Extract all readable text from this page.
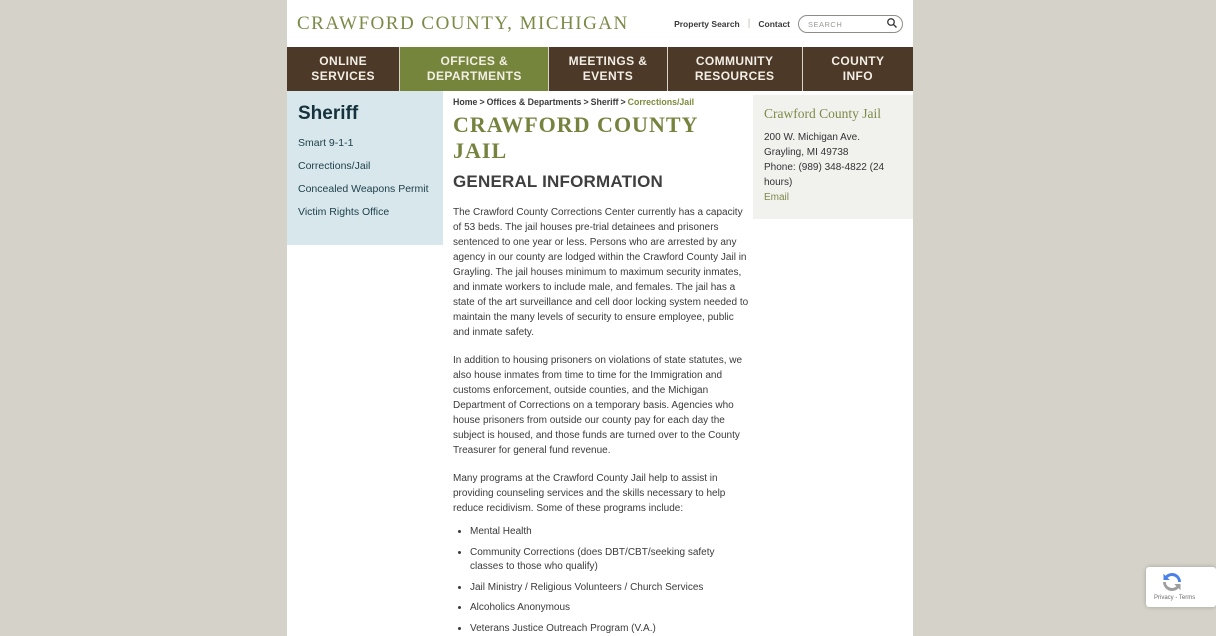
CRAWFORD COUNTY, MICHIGAN	Property Search | Contact
SEARCH
ONLINE
SERVICES
OFFICES &
DEPARTMENTS
MEETINGS &
EVENTS
COMMUNITY
RESOURCES
COUNTY
INFO
Sheriff
Smart 9-1-1
Corrections/Jail
Concealed Weapons Permit
Victim Rights Office
Home > Offices & Departments > Sheriff > Corrections/Jail
CRAWFORD COUNTY JAIL
GENERAL INFORMATION

The Crawford County Corrections Center currently has a capacity of 53 beds. The jail houses pre-trial detainees and prisoners sentenced to one year or less. Persons who are arrested by any agency in our county are lodged within the Crawford County Jail in Grayling. The jail houses minimum to maximum security inmates, and inmate workers to include male, and females. The jail has a state of the art surveillance and cell door locking system needed to maintain the many levels of security to ensure employee, public and inmate safety.

In addition to housing prisoners on violations of state statutes, we also house inmates from time to time for the Immigration and customs enforcement, outside counties, and the Michigan Department of Corrections on a temporary basis. Agencies who house prisoners from outside our county pay for each day the subject is housed, and those funds are turned over to the County Treasurer for general fund revenue.

Many programs at the Crawford County Jail help to assist in providing counseling services and the skills necessary to help reduce recidivism. Some of these programs include:

• Mental Health
• Community Corrections (does DBT/CBT/seeking safety classes to those who qualify)
• Jail Ministry / Religious Volunteers / Church Services
• Alcoholics Anonymous
• Veterans Justice Outreach Program (V.A.)
Crawford County Jail
200 W. Michigan Ave.
Grayling, MI 49738
Phone: (989) 348-4822 (24 hours)
Email
Privacy - Terms
